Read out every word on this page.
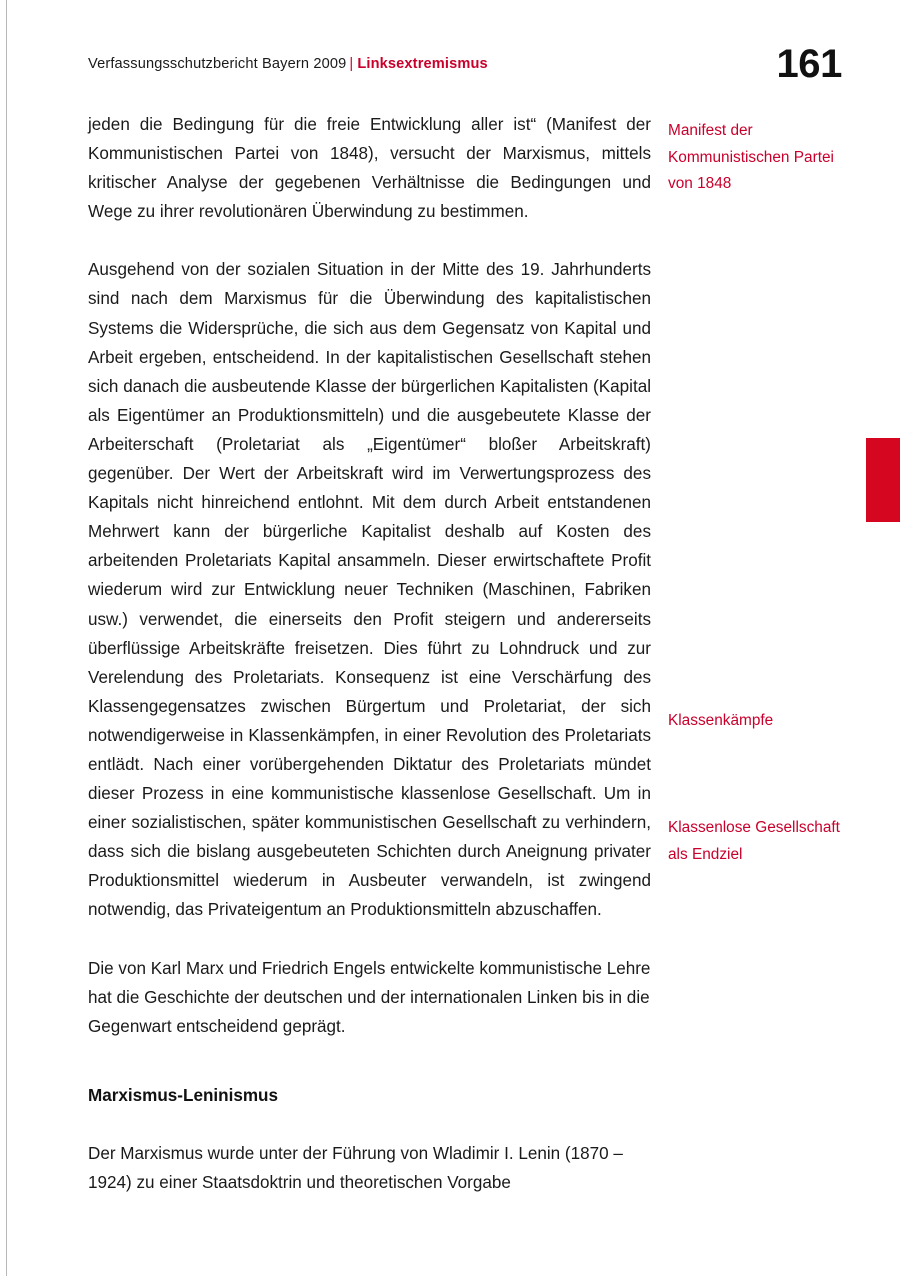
Verfassungsschutzbericht Bayern 2009 | Linksextremismus	161

jeden die Bedingung für die freie Entwicklung aller ist“ (Manifest der Kommunistischen Partei von 1848), versucht der Marxismus, mittels kritischer Analyse der gegebenen Verhältnisse die Bedingungen und Wege zu ihrer revolutionären Überwindung zu bestimmen.

Ausgehend von der sozialen Situation in der Mitte des 19. Jahrhunderts sind nach dem Marxismus für die Überwindung des kapitalistischen Systems die Widersprüche, die sich aus dem Gegensatz von Kapital und Arbeit ergeben, entscheidend. In der kapitalistischen Gesellschaft stehen sich danach die ausbeutende Klasse der bürgerlichen Kapitalisten (Kapital als Eigentümer an Produktionsmitteln) und die ausgebeutete Klasse der Arbeiterschaft (Proletariat als „Eigentümer“ bloßer Arbeitskraft) gegenüber. Der Wert der Arbeitskraft wird im Verwertungsprozess des Kapitals nicht hinreichend entlohnt. Mit dem durch Arbeit entstandenen Mehrwert kann der bürgerliche Kapitalist deshalb auf Kosten des arbeitenden Proletariats Kapital ansammeln. Dieser erwirtschaftete Profit wiederum wird zur Entwicklung neuer Techniken (Maschinen, Fabriken usw.) verwendet, die einerseits den Profit steigern und andererseits überflüssige Arbeitskräfte freisetzen. Dies führt zu Lohndruck und zur Verelendung des Proletariats. Konsequenz ist eine Verschärfung des Klassengegensatzes zwischen Bürgertum und Proletariat, der sich notwendigerweise in Klassenkämpfen, in einer Revolution des Proletariats entlädt. Nach einer vorübergehenden Diktatur des Proletariats mündet dieser Prozess in eine kommunistische klassenlose Gesellschaft. Um in einer sozialistischen, später kommunistischen Gesellschaft zu verhindern, dass sich die bislang ausgebeuteten Schichten durch Aneignung privater Produktionsmittel wiederum in Ausbeuter verwandeln, ist zwingend notwendig, das Privateigentum an Produktionsmitteln abzuschaffen.

Die von Karl Marx und Friedrich Engels entwickelte kommunistische Lehre hat die Geschichte der deutschen und der internationalen Linken bis in die Gegenwart entscheidend geprägt.

Marxismus-Leninismus

Der Marxismus wurde unter der Führung von Wladimir I. Lenin (1870 – 1924) zu einer Staatsdoktrin und theoretischen Vorgabe

Manifest der Kommunistischen Partei von 1848
Klassenkämpfe
Klassenlose Gesellschaft als Endziel
